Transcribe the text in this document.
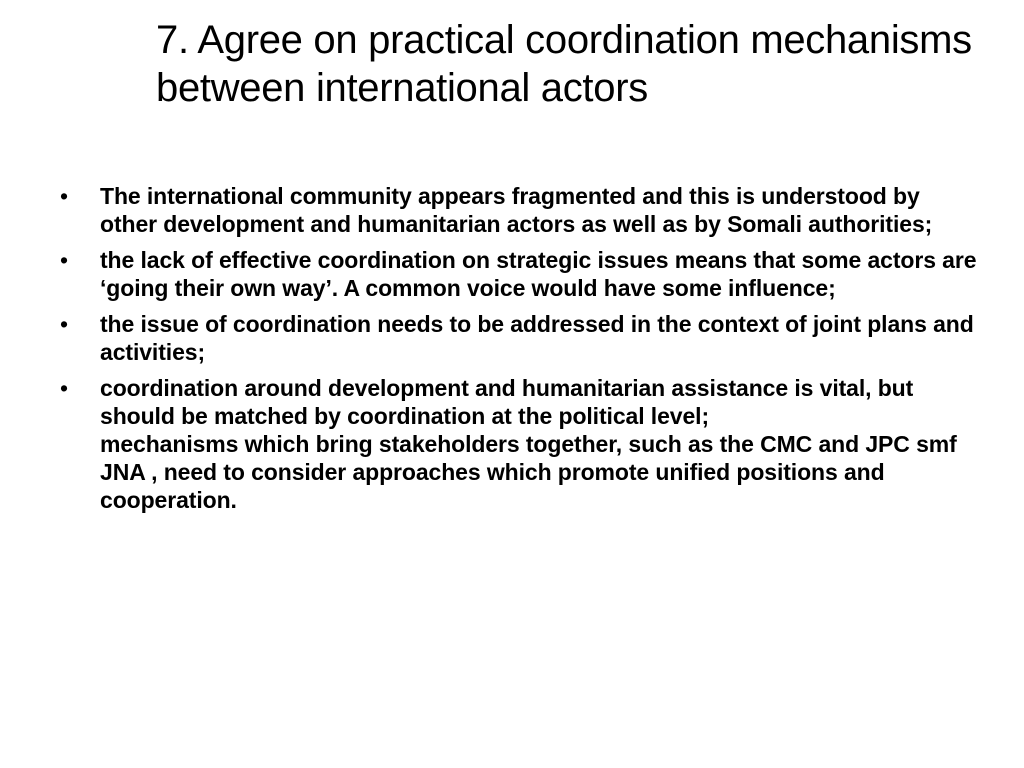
7. Agree on practical coordination mechanisms between international actors
• The international community appears fragmented and this is understood by other development and humanitarian actors as well as by Somali authorities;
• the lack of effective coordination on strategic issues means that some actors are ‘going their own way’. A common voice would have some influence;
• the issue of coordination needs to be addressed in the context of joint plans and activities;
• coordination around development and humanitarian assistance is vital, but should be matched by coordination at the political level;
mechanisms which bring stakeholders together, such as the CMC and JPC smf JNA , need to consider approaches which promote unified positions and cooperation.
